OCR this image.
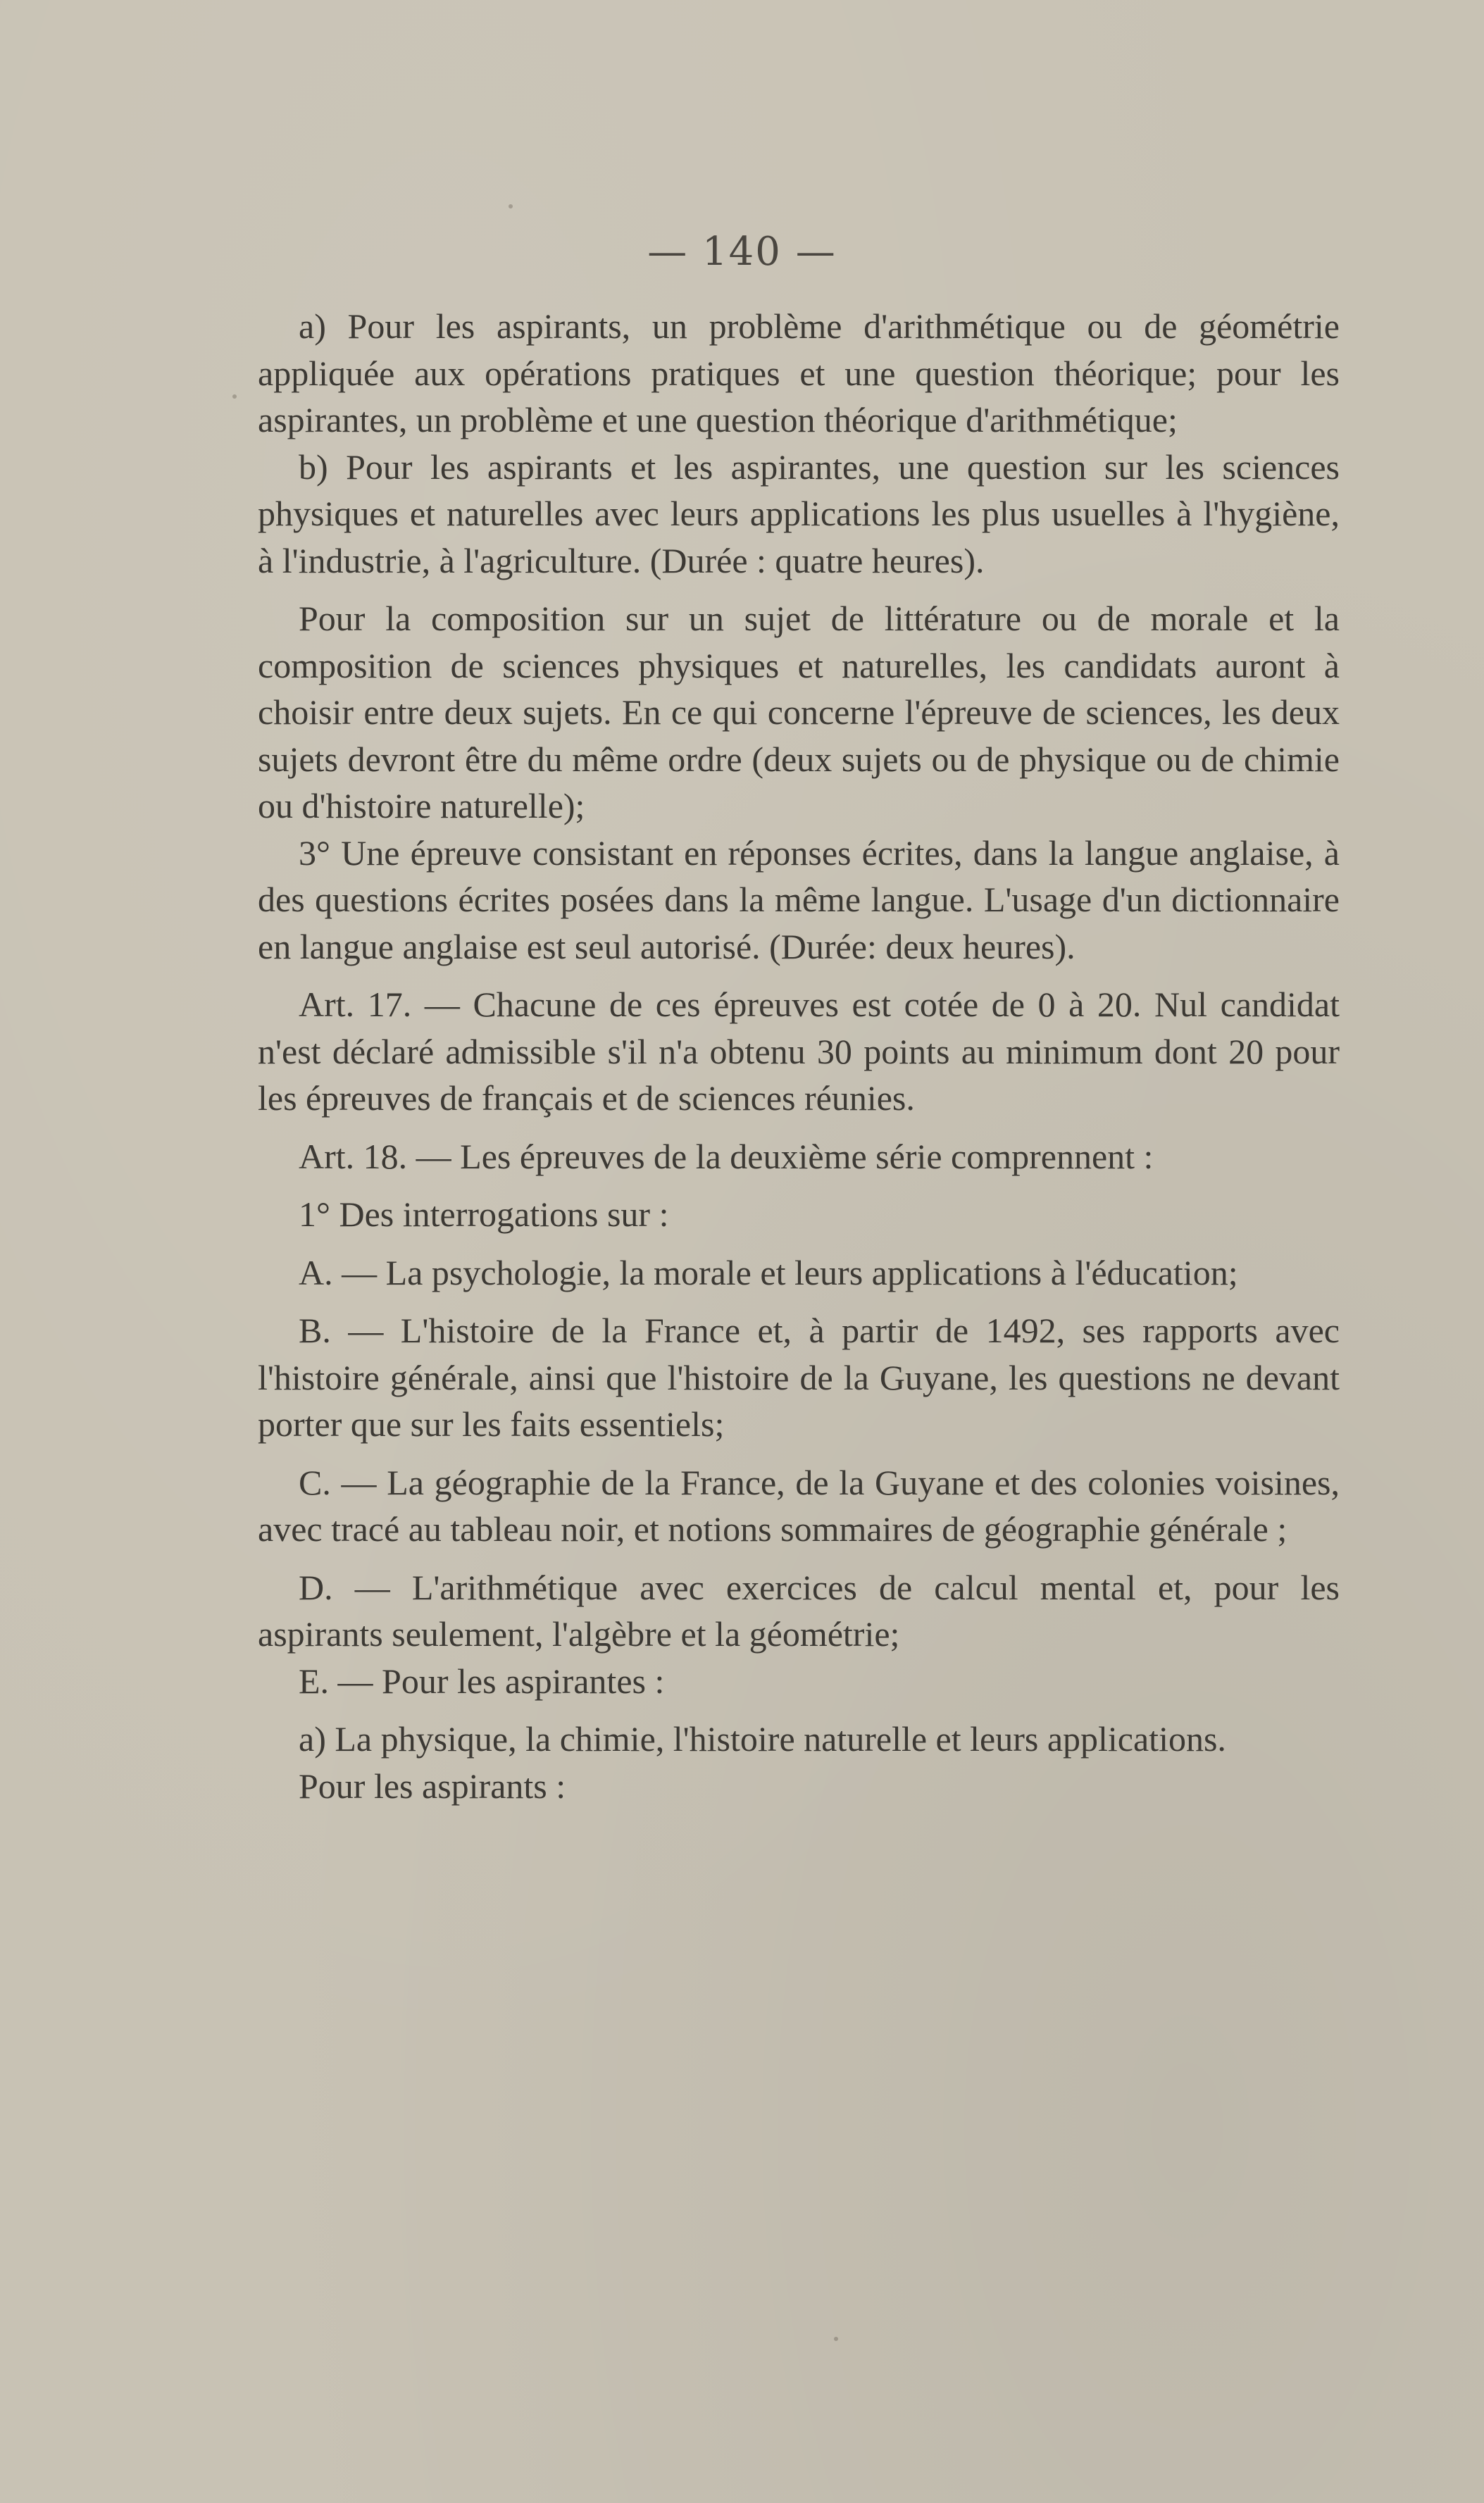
— 140 —

a) Pour les aspirants, un problème d'arithmétique ou de géométrie appliquée aux opérations pratiques et une question théorique; pour les aspirantes, un problème et une question théorique d'arithmétique;

b) Pour les aspirants et les aspirantes, une question sur les sciences physiques et naturelles avec leurs applications les plus usuelles à l'hygiène, à l'industrie, à l'agriculture. (Durée : quatre heures).

Pour la composition sur un sujet de littérature ou de morale et la composition de sciences physiques et naturelles, les candidats auront à choisir entre deux sujets. En ce qui concerne l'épreuve de sciences, les deux sujets devront être du même ordre (deux sujets ou de physique ou de chimie ou d'histoire naturelle);

3° Une épreuve consistant en réponses écrites, dans la langue anglaise, à des questions écrites posées dans la même langue. L'usage d'un dictionnaire en langue anglaise est seul autorisé. (Durée: deux heures).

Art. 17. — Chacune de ces épreuves est cotée de 0 à 20. Nul candidat n'est déclaré admissible s'il n'a obtenu 30 points au minimum dont 20 pour les épreuves de français et de sciences réunies.

Art. 18. — Les épreuves de la deuxième série comprennent :

1° Des interrogations sur :

A. — La psychologie, la morale et leurs applications à l'éducation;

B. — L'histoire de la France et, à partir de 1492, ses rapports avec l'histoire générale, ainsi que l'histoire de la Guyane, les questions ne devant porter que sur les faits essentiels;

C. — La géographie de la France, de la Guyane et des colonies voisines, avec tracé au tableau noir, et notions sommaires de géographie générale ;

D. — L'arithmétique avec exercices de calcul mental et, pour les aspirants seulement, l'algèbre et la géométrie;

E. — Pour les aspirantes :

a) La physique, la chimie, l'histoire naturelle et leurs applications.

Pour les aspirants :
